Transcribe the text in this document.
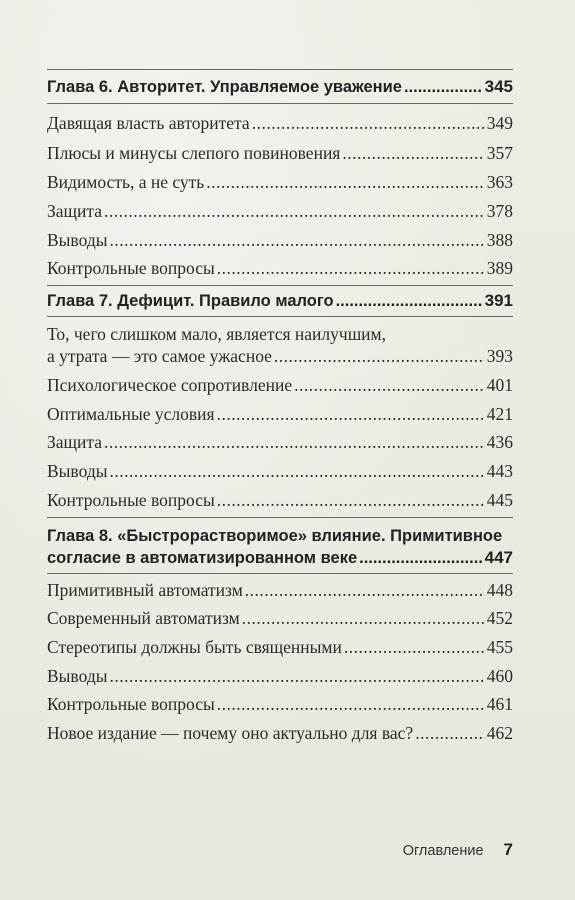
Глава 6. Авторитет. Управляемое уважение .....	345
Давящая власть авторитета .....	349
Плюсы и минусы слепого повиновения .....	357
Видимость, а не суть .....	363
Защита .....	378
Выводы .....	388
Контрольные вопросы .....	389
Глава 7. Дефицит. Правило малого .....	391
То, чего слишком мало, является наилучшим,
а утрата — это самое ужасное .....	393
Психологическое сопротивление .....	401
Оптимальные условия .....	421
Защита .....	436
Выводы .....	443
Контрольные вопросы .....	445
Глава 8. «Быстрорастворимое» влияние. Примитивное
согласие в автоматизированном веке .....	447
Примитивный автоматизм .....	448
Современный автоматизм .....	452
Стереотипы должны быть священными .....	455
Выводы .....	460
Контрольные вопросы .....	461
Новое издание — почему оно актуально для вас? .....	462
Оглавление 7
